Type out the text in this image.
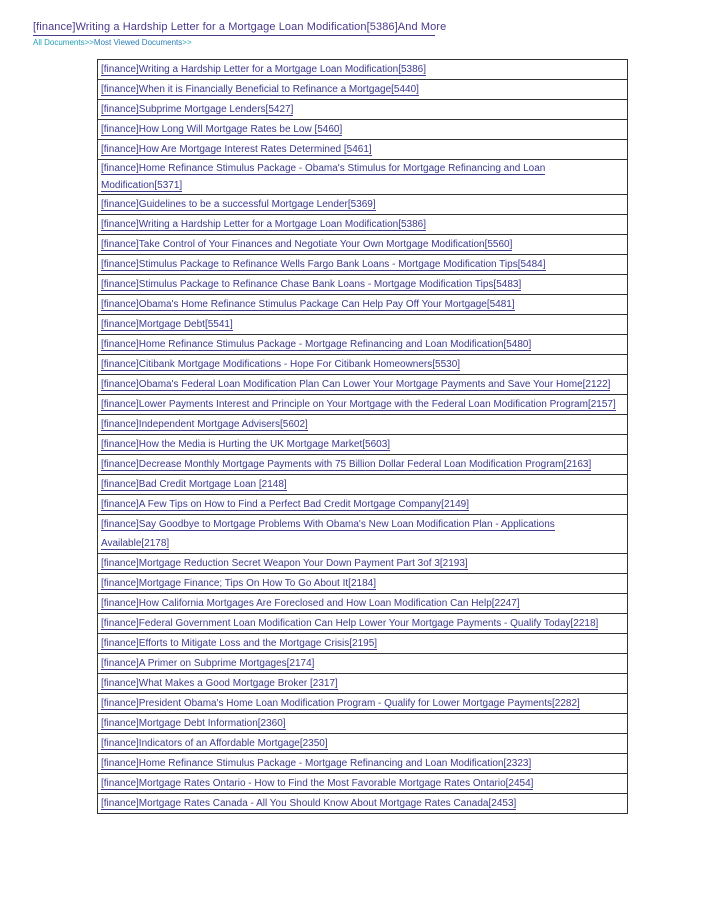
[finance]Writing a Hardship Letter for a Mortgage Loan Modification[5386]And More
All Documents>>Most Viewed Documents>>
[finance]Writing a Hardship Letter for a Mortgage Loan Modification[5386]
[finance]When it is Financially Beneficial to Refinance a Mortgage[5440]
[finance]Subprime Mortgage Lenders[5427]
[finance]How Long Will Mortgage Rates be Low [5460]
[finance]How Are Mortgage Interest Rates Determined [5461]
[finance]Home Refinance Stimulus Package - Obama's Stimulus for Mortgage Refinancing and Loan Modification[5371]
[finance]Guidelines to be a successful Mortgage Lender[5369]
[finance]Writing a Hardship Letter for a Mortgage Loan Modification[5386]
[finance]Take Control of Your Finances and Negotiate Your Own Mortgage Modification[5560]
[finance]Stimulus Package to Refinance Wells Fargo Bank Loans - Mortgage Modification Tips[5484]
[finance]Stimulus Package to Refinance Chase Bank Loans - Mortgage Modification Tips[5483]
[finance]Obama's Home Refinance Stimulus Package Can Help Pay Off Your Mortgage[5481]
[finance]Mortgage Debt[5541]
[finance]Home Refinance Stimulus Package - Mortgage Refinancing and Loan Modification[5480]
[finance]Citibank Mortgage Modifications - Hope For Citibank Homeowners[5530]
[finance]Obama's Federal Loan Modification Plan Can Lower Your Mortgage Payments and Save Your Home[2122]
[finance]Lower Payments Interest and Principle on Your Mortgage with the Federal Loan Modification Program[2157]
[finance]Independent Mortgage Advisers[5602]
[finance]How the Media is Hurting the UK Mortgage Market[5603]
[finance]Decrease Monthly Mortgage Payments with 75 Billion Dollar Federal Loan Modification Program[2163]
[finance]Bad Credit Mortgage Loan [2148]
[finance]A Few Tips on How to Find a Perfect Bad Credit Mortgage Company[2149]
[finance]Say Goodbye to Mortgage Problems With Obama's New Loan Modification Plan - Applications Available[2178]
[finance]Mortgage Reduction Secret Weapon Your Down Payment Part 3of 3[2193]
[finance]Mortgage Finance; Tips On How To Go About It[2184]
[finance]How California Mortgages Are Foreclosed and How Loan Modification Can Help[2247]
[finance]Federal Government Loan Modification Can Help Lower Your Mortgage Payments - Qualify Today[2218]
[finance]Efforts to Mitigate Loss and the Mortgage Crisis[2195]
[finance]A Primer on Subprime Mortgages[2174]
[finance]What Makes a Good Mortgage Broker [2317]
[finance]President Obama's Home Loan Modification Program - Qualify for Lower Mortgage Payments[2282]
[finance]Mortgage Debt Information[2360]
[finance]Indicators of an Affordable Mortgage[2350]
[finance]Home Refinance Stimulus Package - Mortgage Refinancing and Loan Modification[2323]
[finance]Mortgage Rates Ontario - How to Find the Most Favorable Mortgage Rates Ontario[2454]
[finance]Mortgage Rates Canada - All You Should Know About Mortgage Rates Canada[2453]
